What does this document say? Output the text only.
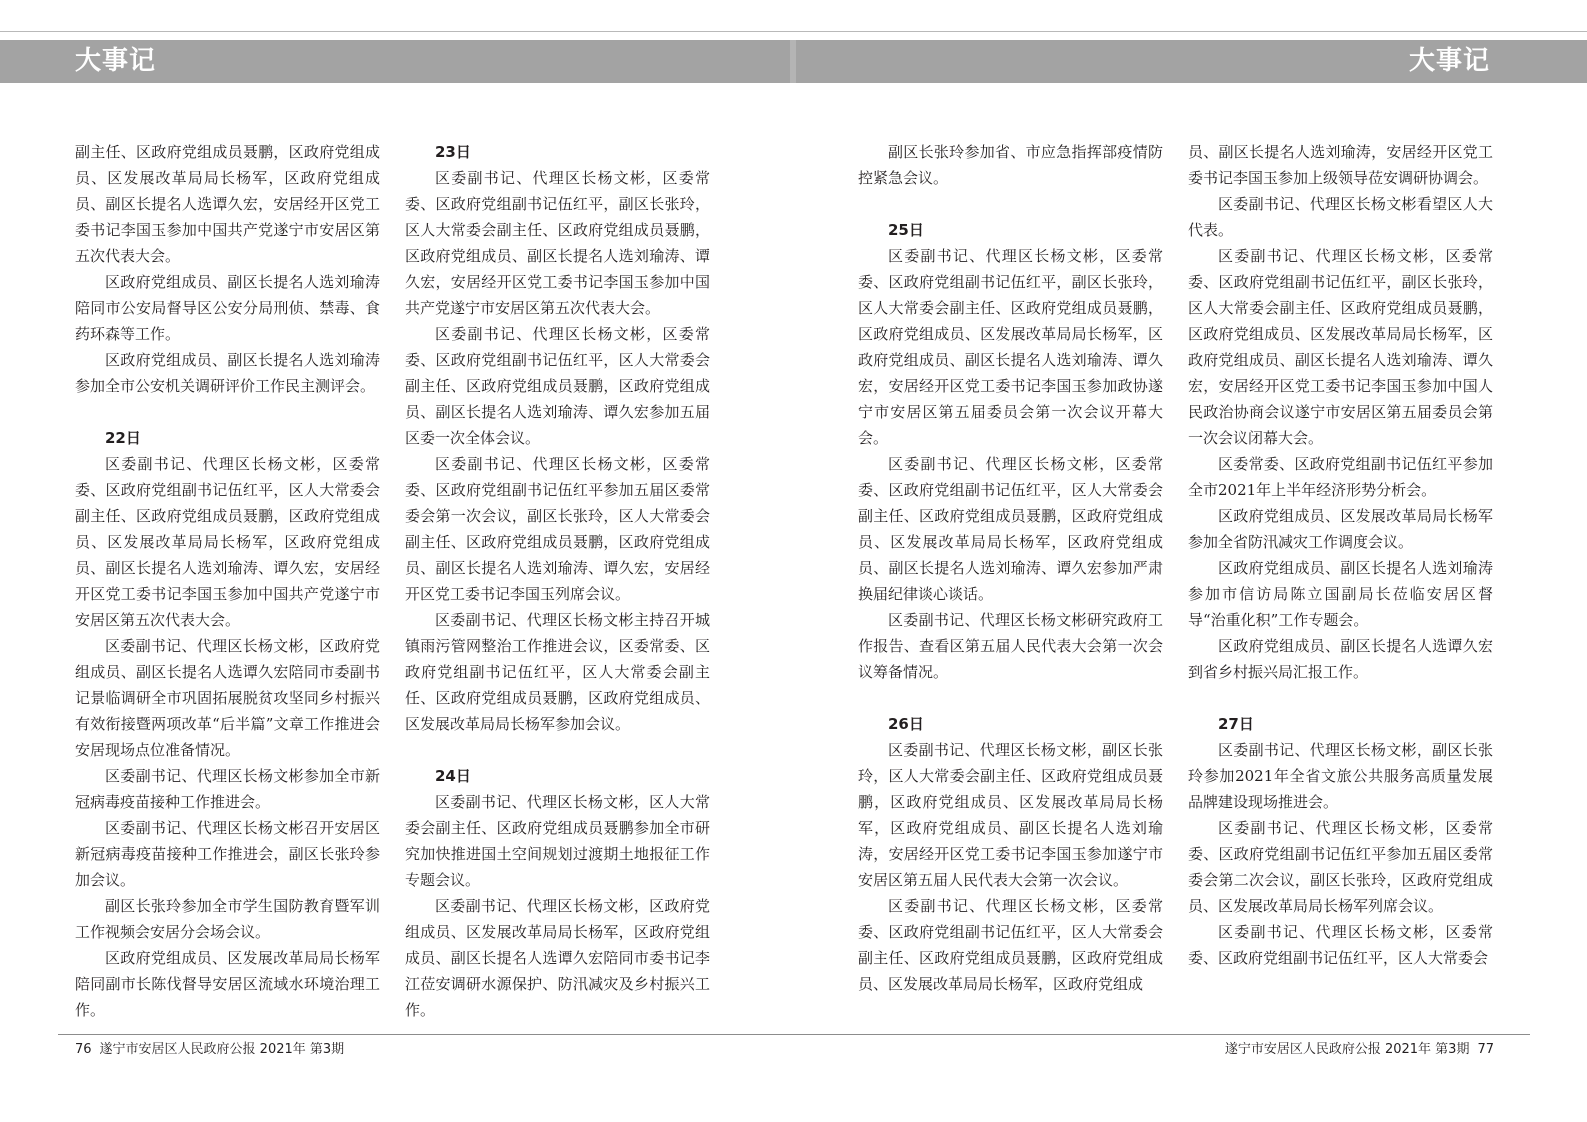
大事记	大事记

副主任、区政府党组成员聂鹏，区政府党组成员、区发展改革局局长杨军，区政府党组成员、副区长提名人选谭久宏，安居经开区党工委书记李国玉参加中国共产党遂宁市安居区第五次代表大会。

区政府党组成员、副区长提名人选刘瑜涛陪同市公安局督导区公安分局刑侦、禁毒、食药环森等工作。

区政府党组成员、副区长提名人选刘瑜涛参加全市公安机关调研评价工作民主测评会。

22日

区委副书记、代理区长杨文彬，区委常委、区政府党组副书记伍红平，区人大常委会副主任、区政府党组成员聂鹏，区政府党组成员、区发展改革局局长杨军，区政府党组成员、副区长提名人选刘瑜涛、谭久宏，安居经开区党工委书记李国玉参加中国共产党遂宁市安居区第五次代表大会。

区委副书记、代理区长杨文彬，区政府党组成员、副区长提名人选谭久宏陪同市委副书记景临调研全市巩固拓展脱贫攻坚同乡村振兴有效衔接暨两项改革“后半篇”文章工作推进会安居现场点位准备情况。

区委副书记、代理区长杨文彬参加全市新冠病毒疫苗接种工作推进会。

区委副书记、代理区长杨文彬召开安居区新冠病毒疫苗接种工作推进会，副区长张玲参加会议。

副区长张玲参加全市学生国防教育暨军训工作视频会安居分会场会议。

区政府党组成员、区发展改革局局长杨军陪同副市长陈伐督导安居区流域水环境治理工作。

23日

区委副书记、代理区长杨文彬，区委常委、区政府党组副书记伍红平，副区长张玲，区人大常委会副主任、区政府党组成员聂鹏，区政府党组成员、副区长提名人选刘瑜涛、谭久宏，安居经开区党工委书记李国玉参加中国共产党遂宁市安居区第五次代表大会。

区委副书记、代理区长杨文彬，区委常委、区政府党组副书记伍红平，区人大常委会副主任、区政府党组成员聂鹏，区政府党组成员、副区长提名人选刘瑜涛、谭久宏参加五届区委一次全体会议。

区委副书记、代理区长杨文彬，区委常委、区政府党组副书记伍红平参加五届区委常委会第一次会议，副区长张玲，区人大常委会副主任、区政府党组成员聂鹏，区政府党组成员、副区长提名人选刘瑜涛、谭久宏，安居经开区党工委书记李国玉列席会议。

区委副书记、代理区长杨文彬主持召开城镇雨污管网整治工作推进会议，区委常委、区政府党组副书记伍红平，区人大常委会副主任、区政府党组成员聂鹏，区政府党组成员、区发展改革局局长杨军参加会议。

24日

区委副书记、代理区长杨文彬，区人大常委会副主任、区政府党组成员聂鹏参加全市研究加快推进国土空间规划过渡期土地报征工作专题会议。

区委副书记、代理区长杨文彬，区政府党组成员、区发展改革局局长杨军，区政府党组成员、副区长提名人选谭久宏陪同市委书记李江莅安调研水源保护、防汛减灾及乡村振兴工作。

副区长张玲参加省、市应急指挥部疫情防控紧急会议。

25日

区委副书记、代理区长杨文彬，区委常委、区政府党组副书记伍红平，副区长张玲，区人大常委会副主任、区政府党组成员聂鹏，区政府党组成员、区发展改革局局长杨军，区政府党组成员、副区长提名人选刘瑜涛、谭久宏，安居经开区党工委书记李国玉参加政协遂宁市安居区第五届委员会第一次会议开幕大会。

区委副书记、代理区长杨文彬，区委常委、区政府党组副书记伍红平，区人大常委会副主任、区政府党组成员聂鹏，区政府党组成员、区发展改革局局长杨军，区政府党组成员、副区长提名人选刘瑜涛、谭久宏参加严肃换届纪律谈心谈话。

区委副书记、代理区长杨文彬研究政府工作报告、查看区第五届人民代表大会第一次会议筹备情况。

26日

区委副书记、代理区长杨文彬，副区长张玲，区人大常委会副主任、区政府党组成员聂鹏，区政府党组成员、区发展改革局局长杨军，区政府党组成员、副区长提名人选刘瑜涛，安居经开区党工委书记李国玉参加遂宁市安居区第五届人民代表大会第一次会议。

区委副书记、代理区长杨文彬，区委常委、区政府党组副书记伍红平，区人大常委会副主任、区政府党组成员聂鹏，区政府党组成员、区发展改革局局长杨军，区政府党组成

员、副区长提名人选刘瑜涛，安居经开区党工委书记李国玉参加上级领导莅安调研协调会。

区委副书记、代理区长杨文彬看望区人大代表。

区委副书记、代理区长杨文彬，区委常委、区政府党组副书记伍红平，副区长张玲，区人大常委会副主任、区政府党组成员聂鹏，区政府党组成员、区发展改革局局长杨军，区政府党组成员、副区长提名人选刘瑜涛、谭久宏，安居经开区党工委书记李国玉参加中国人民政治协商会议遂宁市安居区第五届委员会第一次会议闭幕大会。

区委常委、区政府党组副书记伍红平参加全市2021年上半年经济形势分析会。

区政府党组成员、区发展改革局局长杨军参加全省防汛减灾工作调度会议。

区政府党组成员、副区长提名人选刘瑜涛参加市信访局陈立国副局长莅临安居区督导“治重化积”工作专题会。

区政府党组成员、副区长提名人选谭久宏到省乡村振兴局汇报工作。

27日

区委副书记、代理区长杨文彬，副区长张玲参加2021年全省文旅公共服务高质量发展品牌建设现场推进会。

区委副书记、代理区长杨文彬，区委常委、区政府党组副书记伍红平参加五届区委常委会第二次会议，副区长张玲，区政府党组成员、区发展改革局局长杨军列席会议。

区委副书记、代理区长杨文彬，区委常委、区政府党组副书记伍红平，区人大常委会

76 遂宁市安居区人民政府公报 2021年 第3期	遂宁市安居区人民政府公报 2021年 第3期 77
